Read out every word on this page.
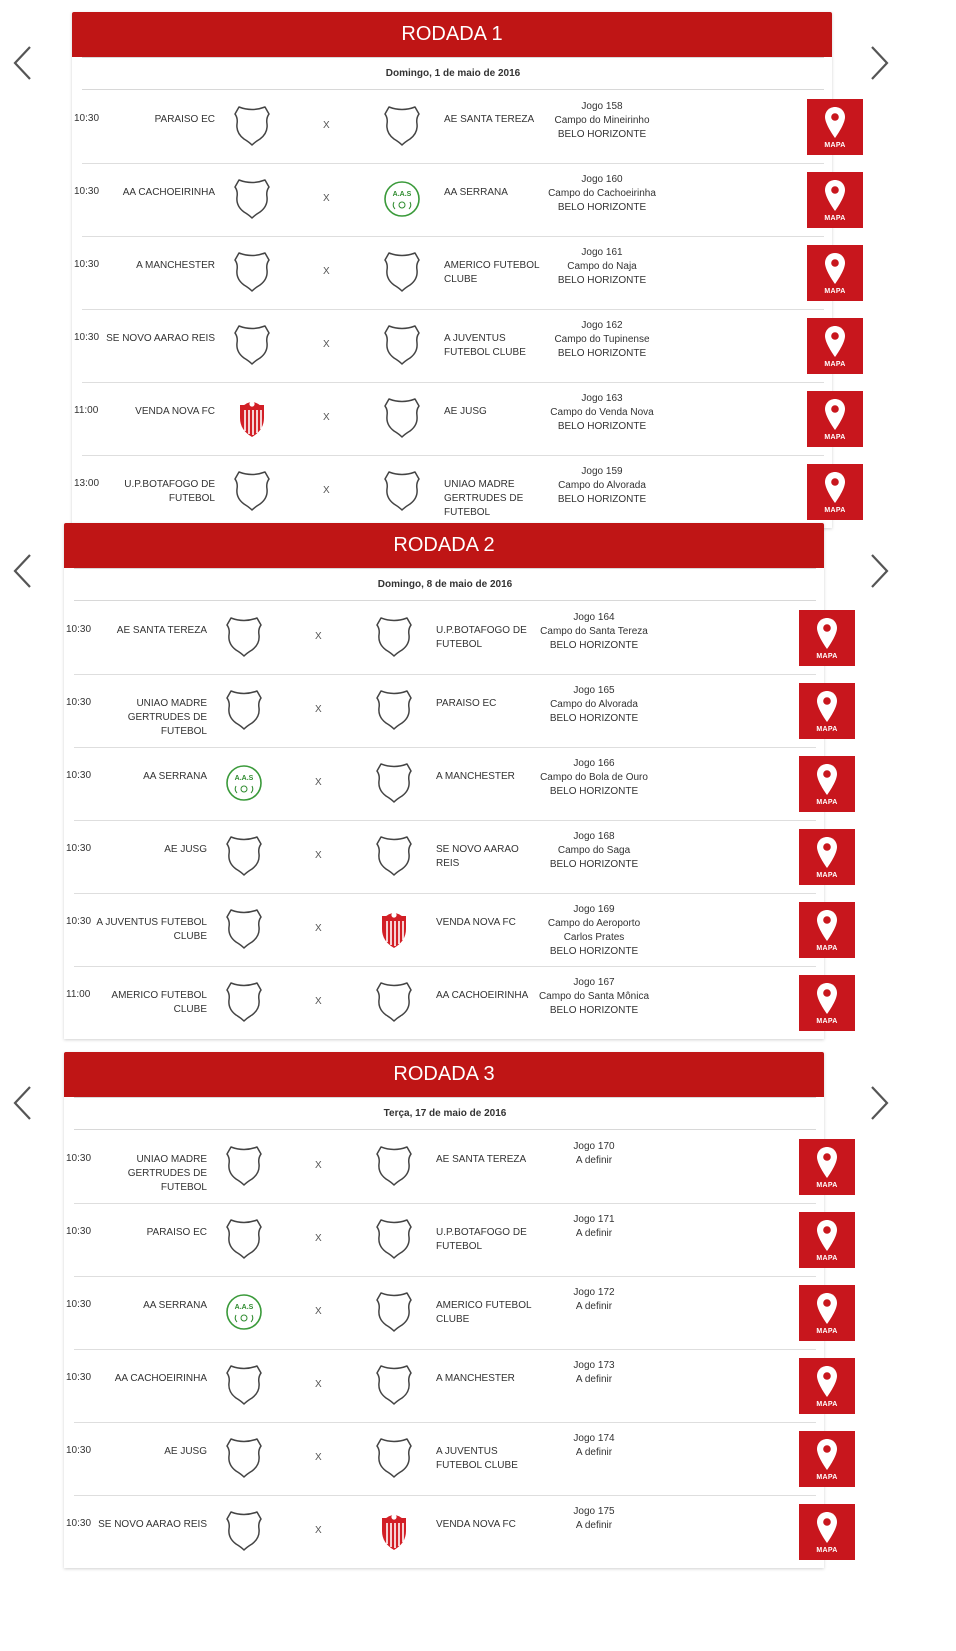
RODADA 1
Domingo, 1 de maio de 2016
10:30	PARAISO EC
X
AE SANTA TEREZA
Jogo 158
Campo do Mineirinho
BELO HORIZONTE
MAPA
10:30	AA CACHOEIRINHA
X	A.A.S	AA SERRANA
Jogo 160
Campo do Cachoeirinha
BELO HORIZONTE
MAPA
10:30	A MANCHESTER
X
AMERICO FUTEBOL CLUBE
Jogo 161
Campo do Naja
BELO HORIZONTE
MAPA
10:30 SE NOVO AARAO REIS
X
A JUVENTUS FUTEBOL CLUBE
Jogo 162
Campo do Tupinense
BELO HORIZONTE
MAPA
11:00	VENDA NOVA FC
X
AE JUSG
Jogo 163
Campo do Venda Nova
BELO HORIZONTE
MAPA
13:00	U.P.BOTAFOGO DE FUTEBOL
X
UNIAO MADRE GERTRUDES DE FUTEBOL
Jogo 159
Campo do Alvorada
BELO HORIZONTE
MAPA
RODADA 2
Domingo, 8 de maio de 2016
10:30	AE SANTA TEREZA
X
U.P.BOTAFOGO DE FUTEBOL
Jogo 164
Campo do Santa Tereza
BELO HORIZONTE
MAPA
10:30	UNIAO MADRE GERTRUDES DE FUTEBOL
X
PARAISO EC
Jogo 165
Campo do Alvorada
BELO HORIZONTE
MAPA
10:30	AA SERRANA	A.A.S	X
A MANCHESTER
Jogo 166
Campo do Bola de Ouro
BELO HORIZONTE
MAPA
10:30	AE JUSG
X
SE NOVO AARAO REIS
Jogo 168
Campo do Saga
BELO HORIZONTE
MAPA
10:30 A JUVENTUS FUTEBOL CLUBE
X
VENDA NOVA FC
Jogo 169
Campo do Aeroporto Carlos Prates
BELO HORIZONTE	MAPA
11:00	AMERICO FUTEBOL CLUBE
X
AA CACHOEIRINHA
Jogo 167
Campo do Santa Mônica
BELO HORIZONTE
MAPA
RODADA 3
Terça, 17 de maio de 2016
10:30	UNIAO MADRE GERTRUDES DE FUTEBOL
X
AE SANTA TEREZA
Jogo 170
A definir
MAPA
10:30	PARAISO EC
X
U.P.BOTAFOGO DE FUTEBOL
Jogo 171
A definir
MAPA
10:30	AA SERRANA	A.A.S	X
AMERICO FUTEBOL CLUBE
Jogo 172
A definir
MAPA
10:30	AA CACHOEIRINHA
X
A MANCHESTER
Jogo 173
A definir
MAPA
10:30	AE JUSG
X
A JUVENTUS FUTEBOL CLUBE
Jogo 174
A definir
MAPA
10:30 SE NOVO AARAO REIS
X
VENDA NOVA FC
Jogo 175
A definir
MAPA
